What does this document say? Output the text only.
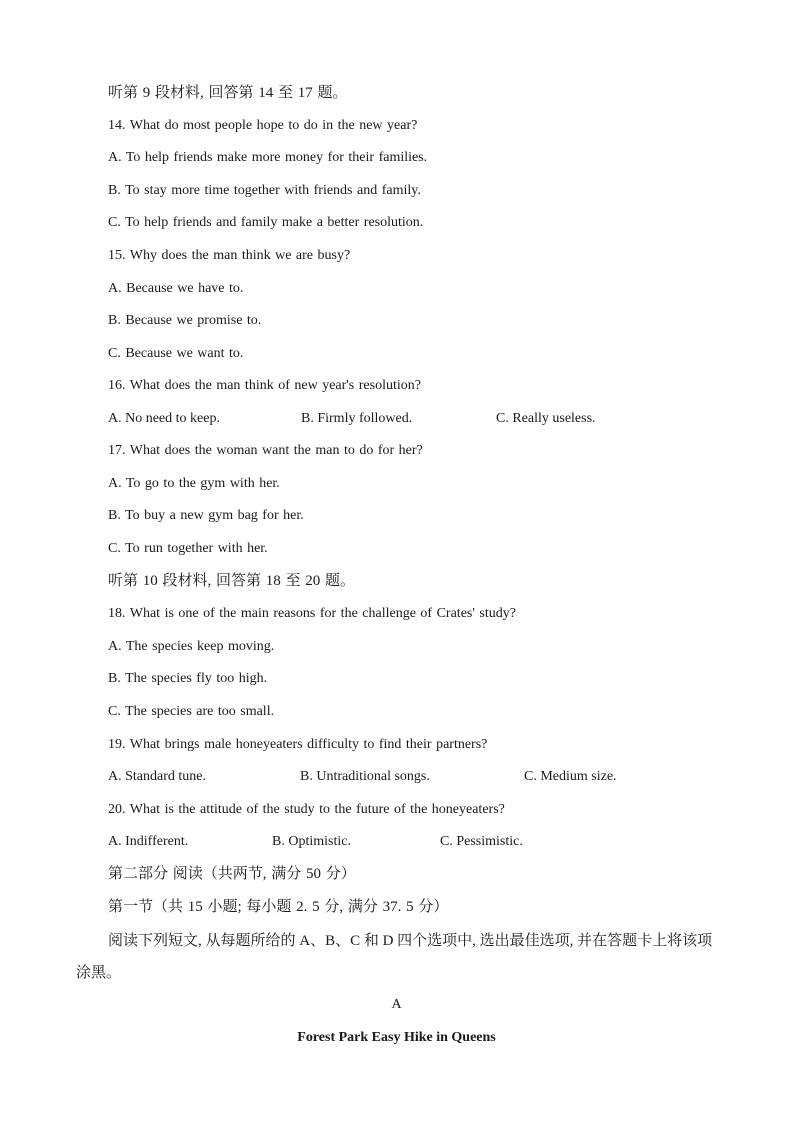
听第 9 段材料, 回答第 14 至 17 题。
14. What do most people hope to do in the new year?
A. To help friends make more money for their families.
B. To stay more time together with friends and family.
C. To help friends and family make a better resolution.
15. Why does the man think we are busy?
A. Because we have to.
B. Because we promise to.
C. Because we want to.
16. What does the man think of new year's resolution?
A. No need to keep.	B. Firmly followed.	C. Really useless.
17. What does the woman want the man to do for her?
A. To go to the gym with her.
B. To buy a new gym bag for her.
C. To run together with her.
听第 10 段材料, 回答第 18 至 20 题。
18. What is one of the main reasons for the challenge of Crates' study?
A. The species keep moving.
B. The species fly too high.
C. The species are too small.
19. What brings male honeyeaters difficulty to find their partners?
A. Standard tune.	B. Untraditional songs.	C. Medium size.
20. What is the attitude of the study to the future of the honeyeaters?
A. Indifferent.	B. Optimistic.	C. Pessimistic.
第二部分 阅读（共两节, 满分 50 分）
第一节（共 15 小题; 每小题 2. 5 分, 满分 37. 5 分）
阅读下列短文, 从每题所给的 A、B、C 和 D 四个选项中, 选出最佳选项, 并在答题卡上将该项涂黑。
A
Forest Park Easy Hike in Queens
